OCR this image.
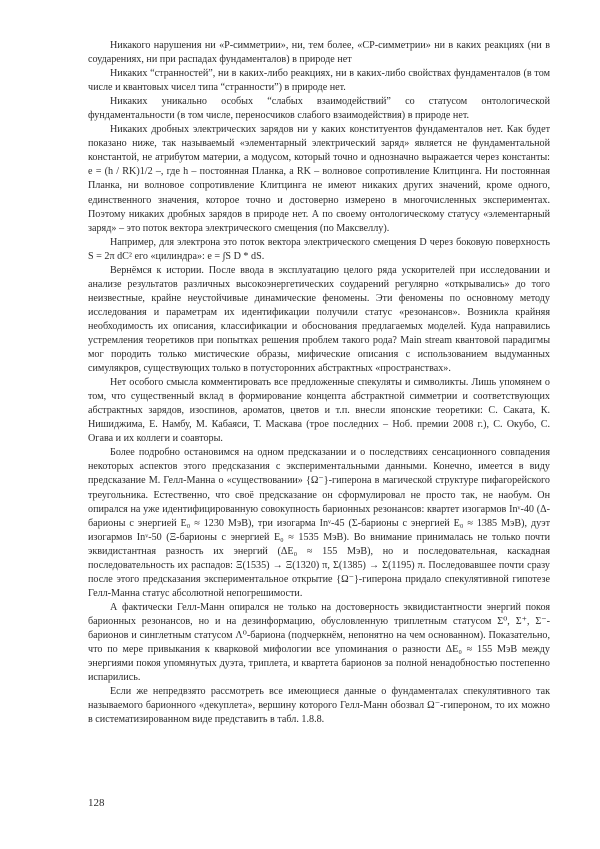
Никакого нарушения ни «P-симметрии», ни, тем более, «CP-симметрии» ни в каких реакциях (ни в соударениях, ни при распадах фундаменталов) в природе нет

Никаких “странностей”, ни в каких-либо реакциях, ни в каких-либо свойствах фундаменталов (в том числе и квантовых чисел типа “странности”) в природе нет.

Никаких уникально особых “слабых взаимодействий” со статусом онтологической фундаментальности (в том числе, переносчиков слабого взаимодействия) в природе нет.

Никаких дробных электрических зарядов ни у каких конституентов фундаменталов нет. Как будет показано ниже, так называемый «элементарный электрический заряд» является не фундаментальной константой, не атрибутом материи, а модусом, который точно и однозначно выражается через константы: e = (h / RK)1/2 –, где h – постоянная Планка, а RK – волновое сопротивление Клитцинга. Ни постоянная Планка, ни волновое сопротивление Клитцинга не имеют никаких других значений, кроме одного, единственного значения, которое точно и достоверно измерено в многочисленных экспериментах. Поэтому никаких дробных зарядов в природе нет. А по своему онтологическому статусу «элементарный заряд» – это поток вектора электрического смещения (по Максвеллу).

Например, для электрона это поток вектора электрического смещения D через боковую поверхность S = 2π dC² его «цилиндра»: e = ∫S D * dS.

Вернёмся к истории. После ввода в эксплуатацию целого ряда ускорителей при исследовании и анализе результатов различных высокоэнергетических соударений регулярно «открывались» до того неизвестные, крайне неустойчивые динамические феномены. Эти феномены по основному методу исследования и параметрам их идентификации получили статус «резонансов». Возникла крайняя необходимость их описания, классификации и обоснования предлагаемых моделей. Куда направились устремления теоретиков при попытках решения проблем такого рода? Main stream квантовой парадигмы мог породить только мистические образы, мифические описания с использованием выдуманных симулякров, существующих только в потусторонних абстрактных «пространствах».

Нет особого смысла комментировать все предложенные спекуляты и символикты. Лишь упомянем о том, что существенный вклад в формирование концепта абстрактной симметрии и соответствующих абстрактных зарядов, изоспинов, ароматов, цветов и т.п. внесли японские теоретики: С. Саката, К. Нишиджима, Е. Намбу, М. Кабаяси, Т. Маскава (трое последних – Ноб. премии 2008 г.), С. Окубо, С. Огава и их коллеги и соавторы.

Более подробно остановимся на одном предсказании и о последствиях сенсационного совпадения некоторых аспектов этого предсказания с экспериментальными данными. Конечно, имеется в виду предсказание М. Гелл-Манна о «существовании» {Ω⁻}-гиперона в магической структуре пифагорейского треугольника. Естественно, что своё предсказание он сформулировал не просто так, не наобум. Он опирался на уже идентифицированную совокупность барионных резонансов: квартет изогармов Inᵛ-40 (Δ-барионы с энергией E₀ ≈ 1230 МэВ), три изогарма Inᵛ-45 (Σ-барионы с энергией E₀ ≈ 1385 МэВ), дуэт изогармов Inᵛ-50 (Ξ-барионы с энергией E₀ ≈ 1535 МэВ). Во внимание принималась не только почти эквидистантная разность их энергий (ΔE₀ ≈ 155 МэВ), но и последовательная, каскадная последовательность их распадов: Ξ(1535) → Ξ(1320) π, Σ(1385) → Σ(1195) π. Последовавшее почти сразу после этого предсказания экспериментальное открытие {Ω⁻}-гиперона придало спекулятивной гипотезе Гелл-Манна статус абсолютной непогрешимости.

А фактически Гелл-Манн опирался не только на достоверность эквидистантности энергий покоя барионных резонансов, но и на дезинформацию, обусловленную триплетным статусом Σ⁰, Σ⁺, Σ⁻-барионов и синглетным статусом Λ⁰-бариона (подчеркнём, непонятно на чем основанном). Показательно, что по мере привыкания к кварковой мифологии все упоминания о разности ΔE₀ ≈ 155 МэВ между энергиями покоя упомянутых дуэта, триплета, и квартета барионов за полной ненадобностью постепенно испарились.

Если же непредвзято рассмотреть все имеющиеся данные о фундаменталах спекулятивного так называемого барионного «декуплета», вершину которого Гелл-Манн обозвал Ω⁻-гипероном, то их можно в систематизированном виде представить в табл. 1.8.8.

128
